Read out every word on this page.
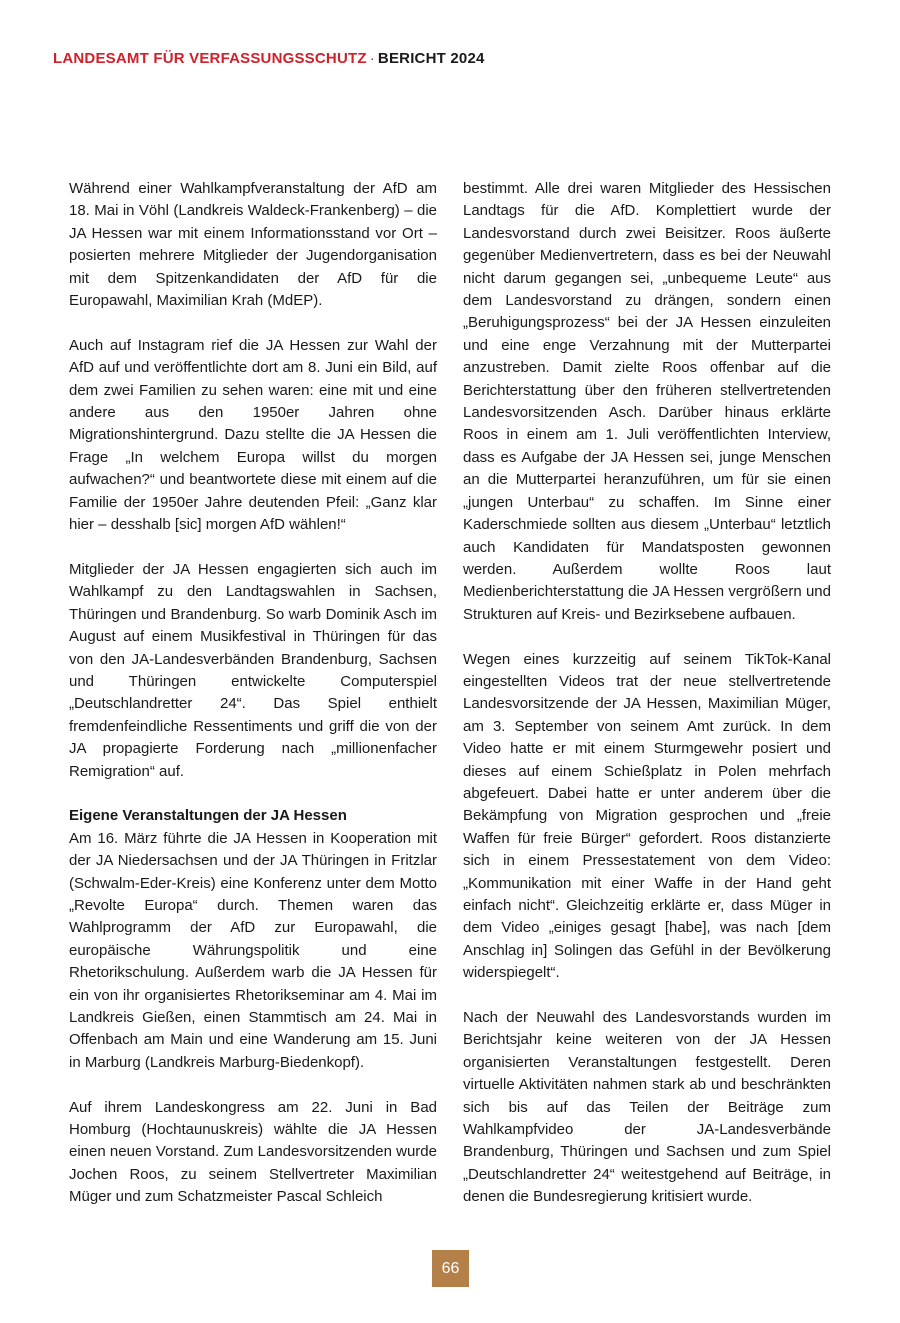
LANDESAMT FÜR VERFASSUNGSSCHUTZ · BERICHT 2024

Während einer Wahlkampfveranstaltung der AfD am 18. Mai in Vöhl (Landkreis Waldeck-Frankenberg) – die JA Hessen war mit einem Informationsstand vor Ort – posierten mehrere Mitglieder der Jugendorganisation mit dem Spitzenkandidaten der AfD für die Europawahl, Maximilian Krah (MdEP).

Auch auf Instagram rief die JA Hessen zur Wahl der AfD auf und veröffentlichte dort am 8. Juni ein Bild, auf dem zwei Familien zu sehen waren: eine mit und eine andere aus den 1950er Jahren ohne Migrationshintergrund. Dazu stellte die JA Hessen die Frage „In welchem Europa willst du morgen aufwachen?“ und beantwortete diese mit einem auf die Familie der 1950er Jahre deutenden Pfeil: „Ganz klar hier – desshalb [sic] morgen AfD wählen!“

Mitglieder der JA Hessen engagierten sich auch im Wahlkampf zu den Landtagswahlen in Sachsen, Thüringen und Brandenburg. So warb Dominik Asch im August auf einem Musikfestival in Thüringen für das von den JA-Landesverbänden Brandenburg, Sachsen und Thüringen entwickelte Computerspiel „Deutschlandretter 24“. Das Spiel enthielt fremdenfeindliche Ressentiments und griff die von der JA propagierte Forderung nach „millionenfacher Remigration“ auf.

Eigene Veranstaltungen der JA Hessen

Am 16. März führte die JA Hessen in Kooperation mit der JA Niedersachsen und der JA Thüringen in Fritzlar (Schwalm-Eder-Kreis) eine Konferenz unter dem Motto „Revolte Europa“ durch. Themen waren das Wahlprogramm der AfD zur Europawahl, die europäische Währungspolitik und eine Rhetorikschulung. Außerdem warb die JA Hessen für ein von ihr organisiertes Rhetorikseminar am 4. Mai im Landkreis Gießen, einen Stammtisch am 24. Mai in Offenbach am Main und eine Wanderung am 15. Juni in Marburg (Landkreis Marburg-Biedenkopf).

Auf ihrem Landeskongress am 22. Juni in Bad Homburg (Hochtaunuskreis) wählte die JA Hessen einen neuen Vorstand. Zum Landesvorsitzenden wurde Jochen Roos, zu seinem Stellvertreter Maximilian Müger und zum Schatzmeister Pascal Schleich

bestimmt. Alle drei waren Mitglieder des Hessischen Landtags für die AfD. Komplettiert wurde der Landesvorstand durch zwei Beisitzer. Roos äußerte gegenüber Medienvertretern, dass es bei der Neuwahl nicht darum gegangen sei, „unbequeme Leute“ aus dem Landesvorstand zu drängen, sondern einen „Beruhigungsprozess“ bei der JA Hessen einzuleiten und eine enge Verzahnung mit der Mutterpartei anzustreben. Damit zielte Roos offenbar auf die Berichterstattung über den früheren stellvertretenden Landesvorsitzenden Asch. Darüber hinaus erklärte Roos in einem am 1. Juli veröffentlichten Interview, dass es Aufgabe der JA Hessen sei, junge Menschen an die Mutterpartei heranzuführen, um für sie einen „jungen Unterbau“ zu schaffen. Im Sinne einer Kaderschmiede sollten aus diesem „Unterbau“ letztlich auch Kandidaten für Mandatsposten gewonnen werden. Außerdem wollte Roos laut Medienberichterstattung die JA Hessen vergrößern und Strukturen auf Kreis- und Bezirksebene aufbauen.

Wegen eines kurzzeitig auf seinem TikTok-Kanal eingestellten Videos trat der neue stellvertretende Landesvorsitzende der JA Hessen, Maximilian Müger, am 3. September von seinem Amt zurück. In dem Video hatte er mit einem Sturmgewehr posiert und dieses auf einem Schießplatz in Polen mehrfach abgefeuert. Dabei hatte er unter anderem über die Bekämpfung von Migration gesprochen und „freie Waffen für freie Bürger“ gefordert. Roos distanzierte sich in einem Pressestatement von dem Video: „Kommunikation mit einer Waffe in der Hand geht einfach nicht“. Gleichzeitig erklärte er, dass Müger in dem Video „einiges gesagt [habe], was nach [dem Anschlag in] Solingen das Gefühl in der Bevölkerung widerspiegelt“.

Nach der Neuwahl des Landesvorstands wurden im Berichtsjahr keine weiteren von der JA Hessen organisierten Veranstaltungen festgestellt. Deren virtuelle Aktivitäten nahmen stark ab und beschränkten sich bis auf das Teilen der Beiträge zum Wahlkampfvideo der JA-Landesverbände Brandenburg, Thüringen und Sachsen und zum Spiel „Deutschlandretter 24“ weitestgehend auf Beiträge, in denen die Bundesregierung kritisiert wurde.

66
